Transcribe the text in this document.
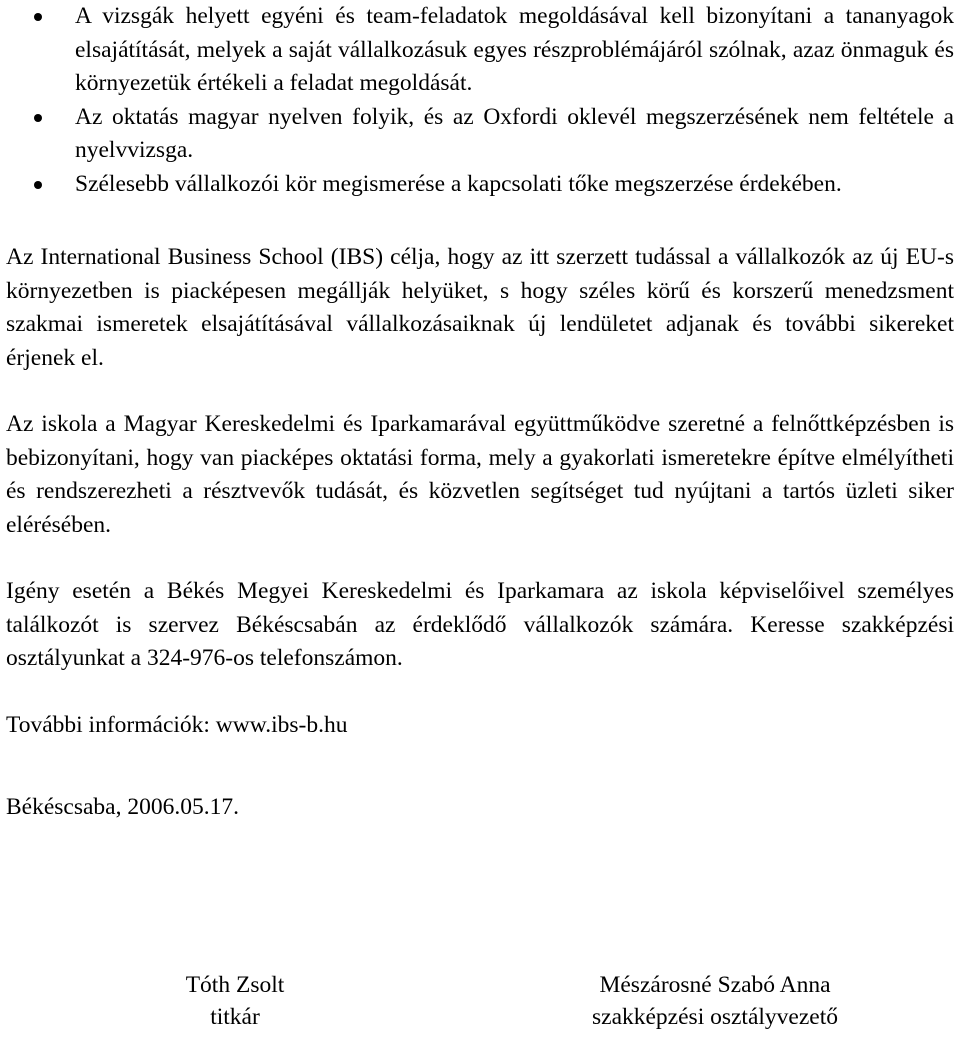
A vizsgák helyett egyéni és team-feladatok megoldásával kell bizonyítani a tananyagok elsajátítását, melyek a saját vállalkozásuk egyes részproblémájáról szólnak, azaz önmaguk és környezetük értékeli a feladat megoldását.
Az oktatás magyar nyelven folyik, és az Oxfordi oklevél megszerzésének nem feltétele a nyelvvizsga.
Szélesebb vállalkozói kör megismerése a kapcsolati tőke megszerzése érdekében.

Az International Business School (IBS) célja, hogy az itt szerzett tudással a vállalkozók az új EU-s környezetben is piacképesen megállják helyüket, s hogy széles körű és korszerű menedzsment szakmai ismeretek elsajátításával vállalkozásaiknak új lendületet adjanak és további sikereket érjenek el.

Az iskola a Magyar Kereskedelmi és Iparkamarával együttműködve szeretné a felnőttképzésben is bebizonyítani, hogy van piacképes oktatási forma, mely a gyakorlati ismeretekre építve elmélyítheti és rendszerezheti a résztvevők tudását, és közvetlen segítséget tud nyújtani a tartós üzleti siker elérésében.

Igény esetén a Békés Megyei Kereskedelmi és Iparkamara az iskola képviselőivel személyes találkozót is szervez Békéscsabán az érdeklődő vállalkozók számára. Keresse szakképzési osztályunkat a 324-976-os telefonszámon.

További információk: www.ibs-b.hu

Békéscsaba, 2006.05.17.

Tóth Zsolt
titkár
Mészárosné Szabó Anna
szakképzési osztályvezető
